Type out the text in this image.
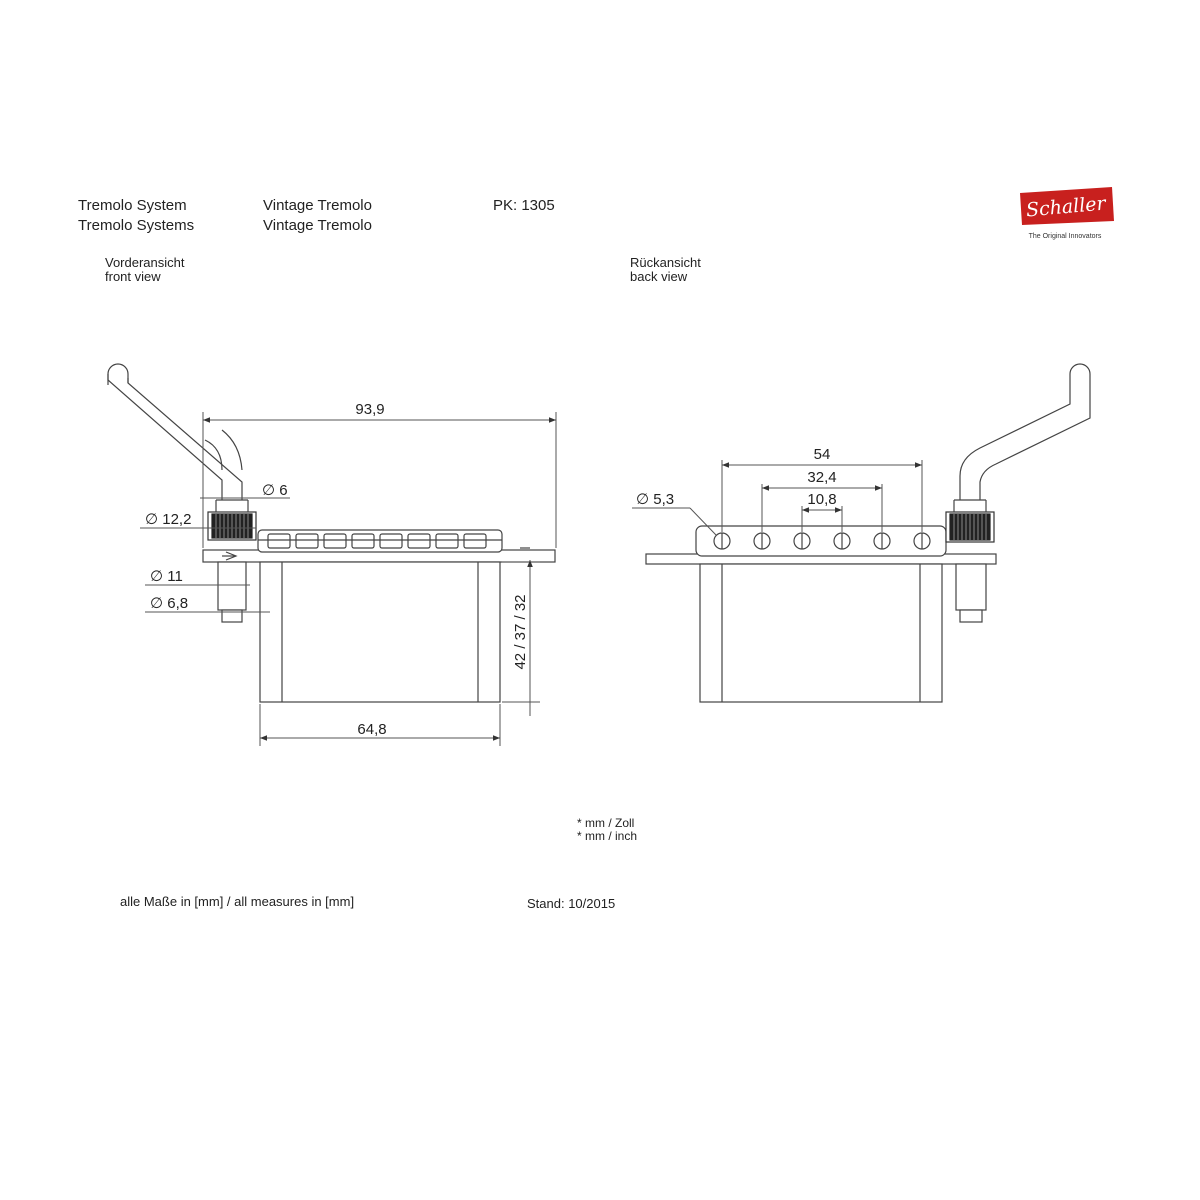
Tremolo System
Tremolo Systems
Vintage Tremolo
Vintage Tremolo
PK: 1305	Schaller
The Original Innovators
Vorderansicht
front view
Rückansicht
back view
93,9
∅ 6
∅ 12,2
∅ 11
∅ 6,8	42 / 37 / 32
64,8
54
32,4
10,8
∅ 5,3
* mm / Zoll
* mm / inch
alle Maße in [mm] / all measures in [mm]	Stand: 10/2015
